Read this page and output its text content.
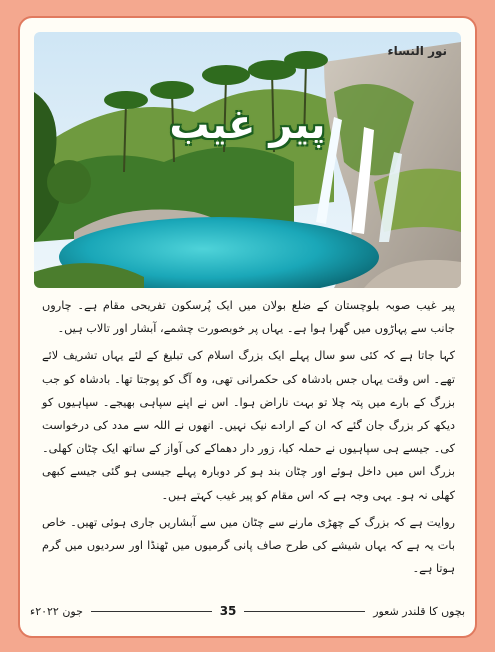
نور النساء
پیر غیب

پیر غیب صوبہ بلوچستان کے ضلع بولان میں ایک پُرسکون تفریحی مقام ہے۔ چاروں جانب سے پہاڑوں میں گھرا ہوا ہے۔ یہاں پر خوبصورت چشمے، آبشار اور تالاب ہیں۔

کہا جاتا ہے کہ کئی سو سال پہلے ایک بزرگ اسلام کی تبلیغ کے لئے یہاں تشریف لائے تھے۔ اس وقت یہاں جس بادشاہ کی حکمرانی تھی، وہ آگ کو پوجتا تھا۔ بادشاہ کو جب بزرگ کے بارے میں پتہ چلا تو بہت ناراض ہوا۔ اس نے اپنے سپاہی بھیجے۔ سپاہیوں کو دیکھ کر بزرگ جان گئے کہ ان کے ارادے نیک نہیں۔ انھوں نے اللہ سے مدد کی درخواست کی۔ جیسے ہی سپاہیوں نے حملہ کیا، زور دار دھماکے کی آواز کے ساتھ ایک چٹان کھلی۔ بزرگ اس میں داخل ہوئے اور چٹان بند ہو کر دوبارہ پہلے جیسی ہو گئی جیسے کبھی کھلی نہ ہو۔ یہی وجہ ہے کہ اس مقام کو پیر غیب کہتے ہیں۔

روایت ہے کہ بزرگ کے چھڑی مارنے سے چٹان میں سے آبشاریں جاری ہوئی تھیں۔ خاص بات یہ ہے کہ یہاں شیشے کی طرح صاف پانی گرمیوں میں ٹھنڈا اور سردیوں میں گرم ہوتا ہے۔

جون ۲۰۲۲ء	35	بچوں کا قلندر شعور
